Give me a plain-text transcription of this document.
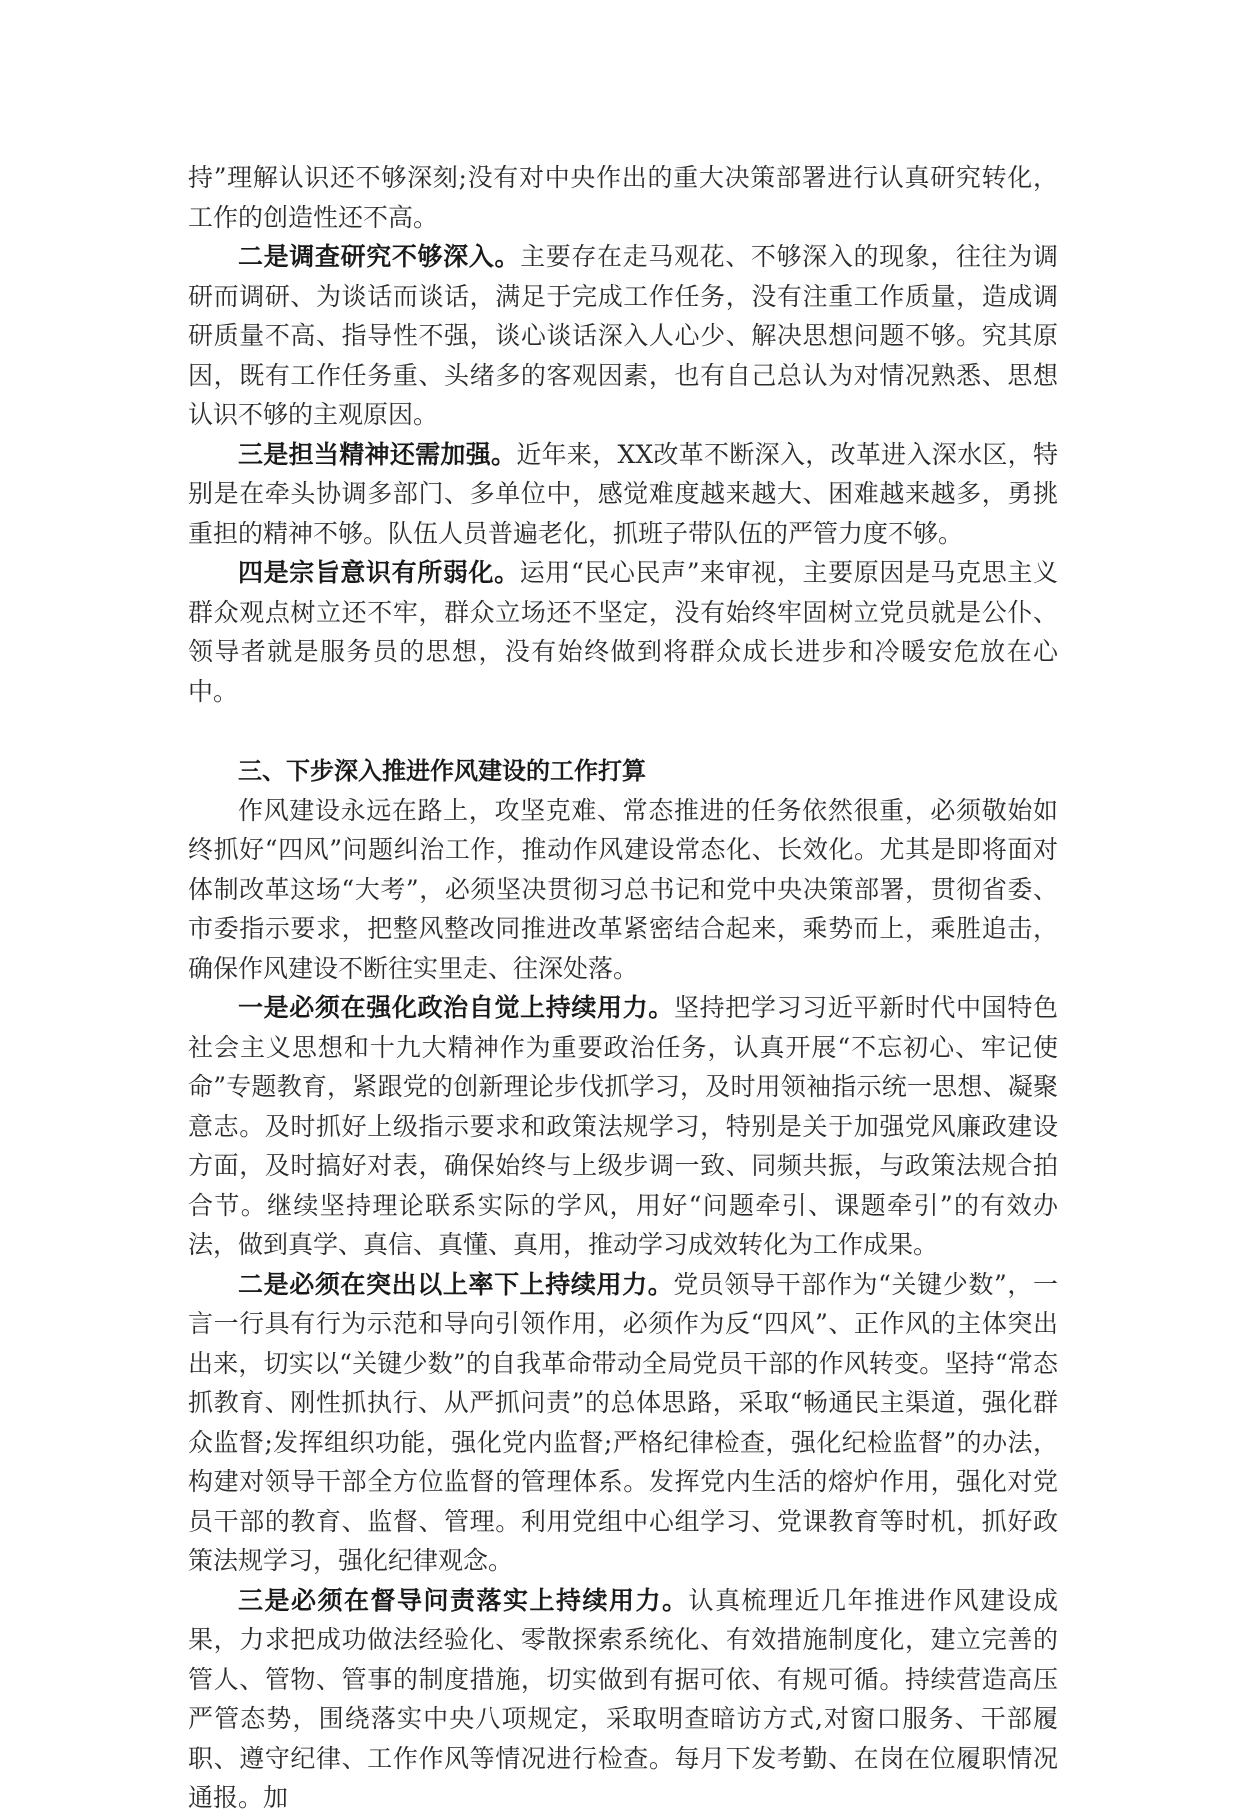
持”理解认识还不够深刻;没有对中央作出的重大决策部署进行认真研究转化，工作的创造性还不高。

二是调查研究不够深入。主要存在走马观花、不够深入的现象，往往为调研而调研、为谈话而谈话，满足于完成工作任务，没有注重工作质量，造成调研质量不高、指导性不强，谈心谈话深入人心少、解决思想问题不够。究其原因，既有工作任务重、头绪多的客观因素，也有自己总认为对情况熟悉、思想认识不够的主观原因。

三是担当精神还需加强。近年来，XX改革不断深入，改革进入深水区，特别是在牵头协调多部门、多单位中，感觉难度越来越大、困难越来越多，勇挑重担的精神不够。队伍人员普遍老化，抓班子带队伍的严管力度不够。

四是宗旨意识有所弱化。运用“民心民声”来审视，主要原因是马克思主义群众观点树立还不牢，群众立场还不坚定，没有始终牢固树立党员就是公仆、领导者就是服务员的思想，没有始终做到将群众成长进步和冷暖安危放在心中。

三、下步深入推进作风建设的工作打算

作风建设永远在路上，攻坚克难、常态推进的任务依然很重，必须敬始如终抓好“四风”问题纠治工作，推动作风建设常态化、长效化。尤其是即将面对体制改革这场“大考”，必须坚决贯彻习总书记和党中央决策部署，贯彻省委、市委指示要求，把整风整改同推进改革紧密结合起来，乘势而上，乘胜追击，确保作风建设不断往实里走、往深处落。

一是必须在强化政治自觉上持续用力。坚持把学习习近平新时代中国特色社会主义思想和十九大精神作为重要政治任务，认真开展“不忘初心、牢记使命”专题教育，紧跟党的创新理论步伐抓学习，及时用领袖指示统一思想、凝聚意志。及时抓好上级指示要求和政策法规学习，特别是关于加强党风廉政建设方面，及时搞好对表，确保始终与上级步调一致、同频共振，与政策法规合拍合节。继续坚持理论联系实际的学风，用好“问题牵引、课题牵引”的有效办法，做到真学、真信、真懂、真用，推动学习成效转化为工作成果。

二是必须在突出以上率下上持续用力。党员领导干部作为“关键少数”，一言一行具有行为示范和导向引领作用，必须作为反“四风”、正作风的主体突出出来，切实以“关键少数”的自我革命带动全局党员干部的作风转变。坚持“常态抓教育、刚性抓执行、从严抓问责”的总体思路，采取“畅通民主渠道，强化群众监督;发挥组织功能，强化党内监督;严格纪律检查，强化纪检监督”的办法，构建对领导干部全方位监督的管理体系。发挥党内生活的熔炉作用，强化对党员干部的教育、监督、管理。利用党组中心组学习、党课教育等时机，抓好政策法规学习，强化纪律观念。

三是必须在督导问责落实上持续用力。认真梳理近几年推进作风建设成果，力求把成功做法经验化、零散探索系统化、有效措施制度化，建立完善的管人、管物、管事的制度措施，切实做到有据可依、有规可循。持续营造高压严管态势，围绕落实中央八项规定，采取明查暗访方式,对窗口服务、干部履职、遵守纪律、工作作风等情况进行检查。每月下发考勤、在岗在位履职情况通报。加
